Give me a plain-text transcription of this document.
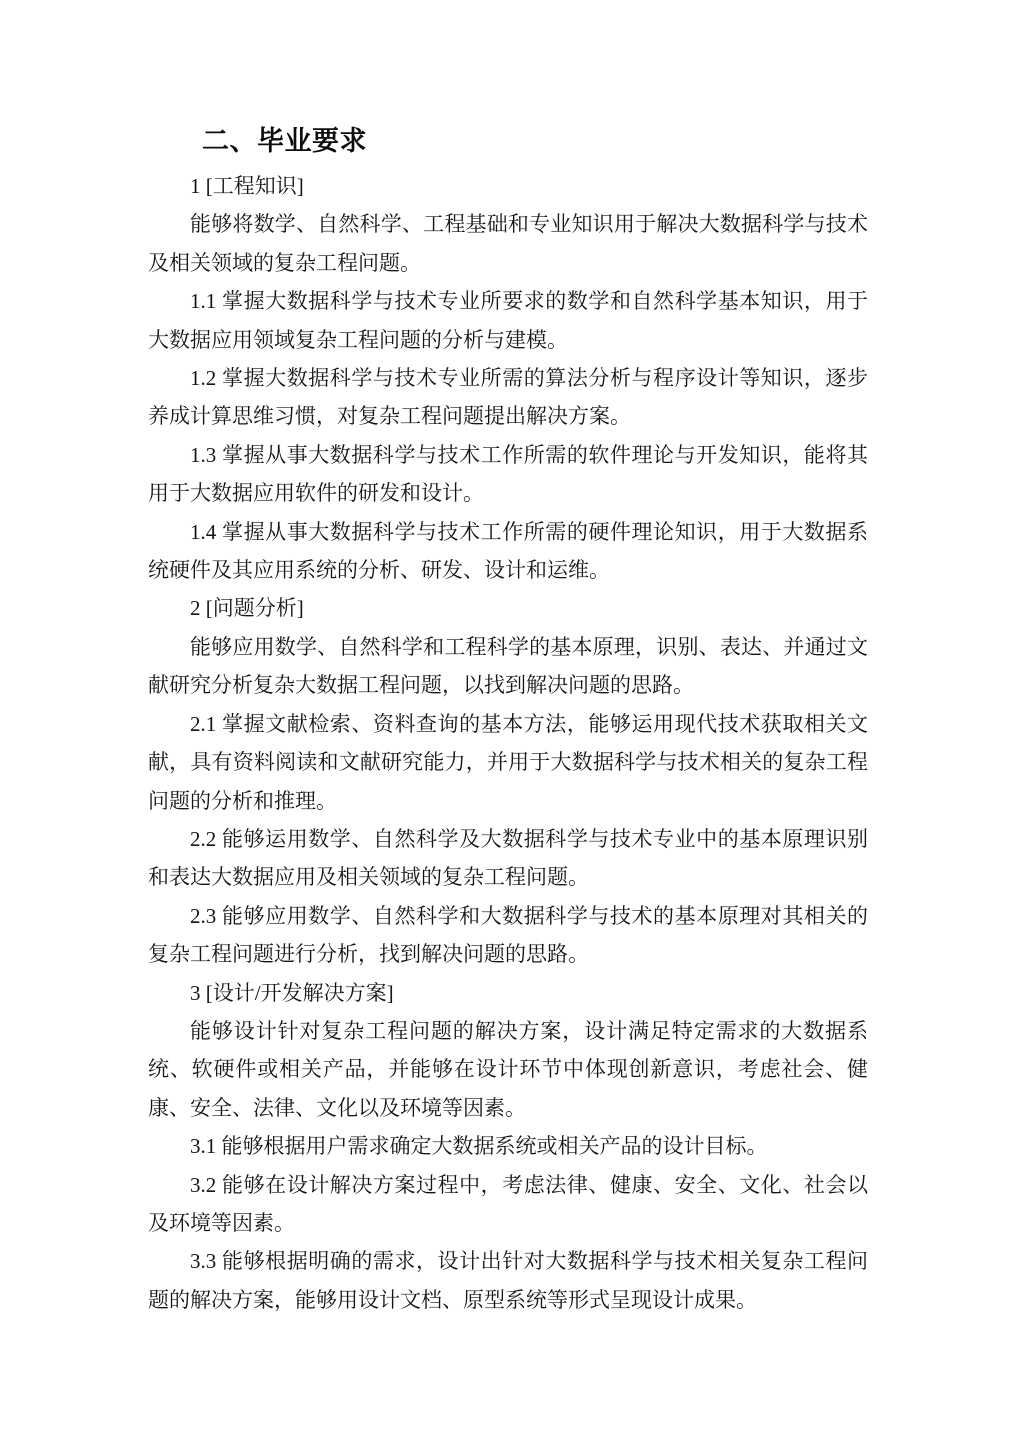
二、毕业要求

1 [工程知识]

能够将数学、自然科学、工程基础和专业知识用于解决大数据科学与技术及相关领域的复杂工程问题。

1.1 掌握大数据科学与技术专业所要求的数学和自然科学基本知识，用于大数据应用领域复杂工程问题的分析与建模。

1.2 掌握大数据科学与技术专业所需的算法分析与程序设计等知识，逐步养成计算思维习惯，对复杂工程问题提出解决方案。

1.3 掌握从事大数据科学与技术工作所需的软件理论与开发知识，能将其用于大数据应用软件的研发和设计。

1.4 掌握从事大数据科学与技术工作所需的硬件理论知识，用于大数据系统硬件及其应用系统的分析、研发、设计和运维。

2 [问题分析]

能够应用数学、自然科学和工程科学的基本原理，识别、表达、并通过文献研究分析复杂大数据工程问题，以找到解决问题的思路。

2.1 掌握文献检索、资料查询的基本方法，能够运用现代技术获取相关文献，具有资料阅读和文献研究能力，并用于大数据科学与技术相关的复杂工程问题的分析和推理。

2.2 能够运用数学、自然科学及大数据科学与技术专业中的基本原理识别和表达大数据应用及相关领域的复杂工程问题。

2.3 能够应用数学、自然科学和大数据科学与技术的基本原理对其相关的复杂工程问题进行分析，找到解决问题的思路。

3 [设计/开发解决方案]

能够设计针对复杂工程问题的解决方案，设计满足特定需求的大数据系统、软硬件或相关产品，并能够在设计环节中体现创新意识，考虑社会、健康、安全、法律、文化以及环境等因素。

3.1 能够根据用户需求确定大数据系统或相关产品的设计目标。

3.2 能够在设计解决方案过程中，考虑法律、健康、安全、文化、社会以及环境等因素。

3.3 能够根据明确的需求，设计出针对大数据科学与技术相关复杂工程问题的解决方案，能够用设计文档、原型系统等形式呈现设计成果。
